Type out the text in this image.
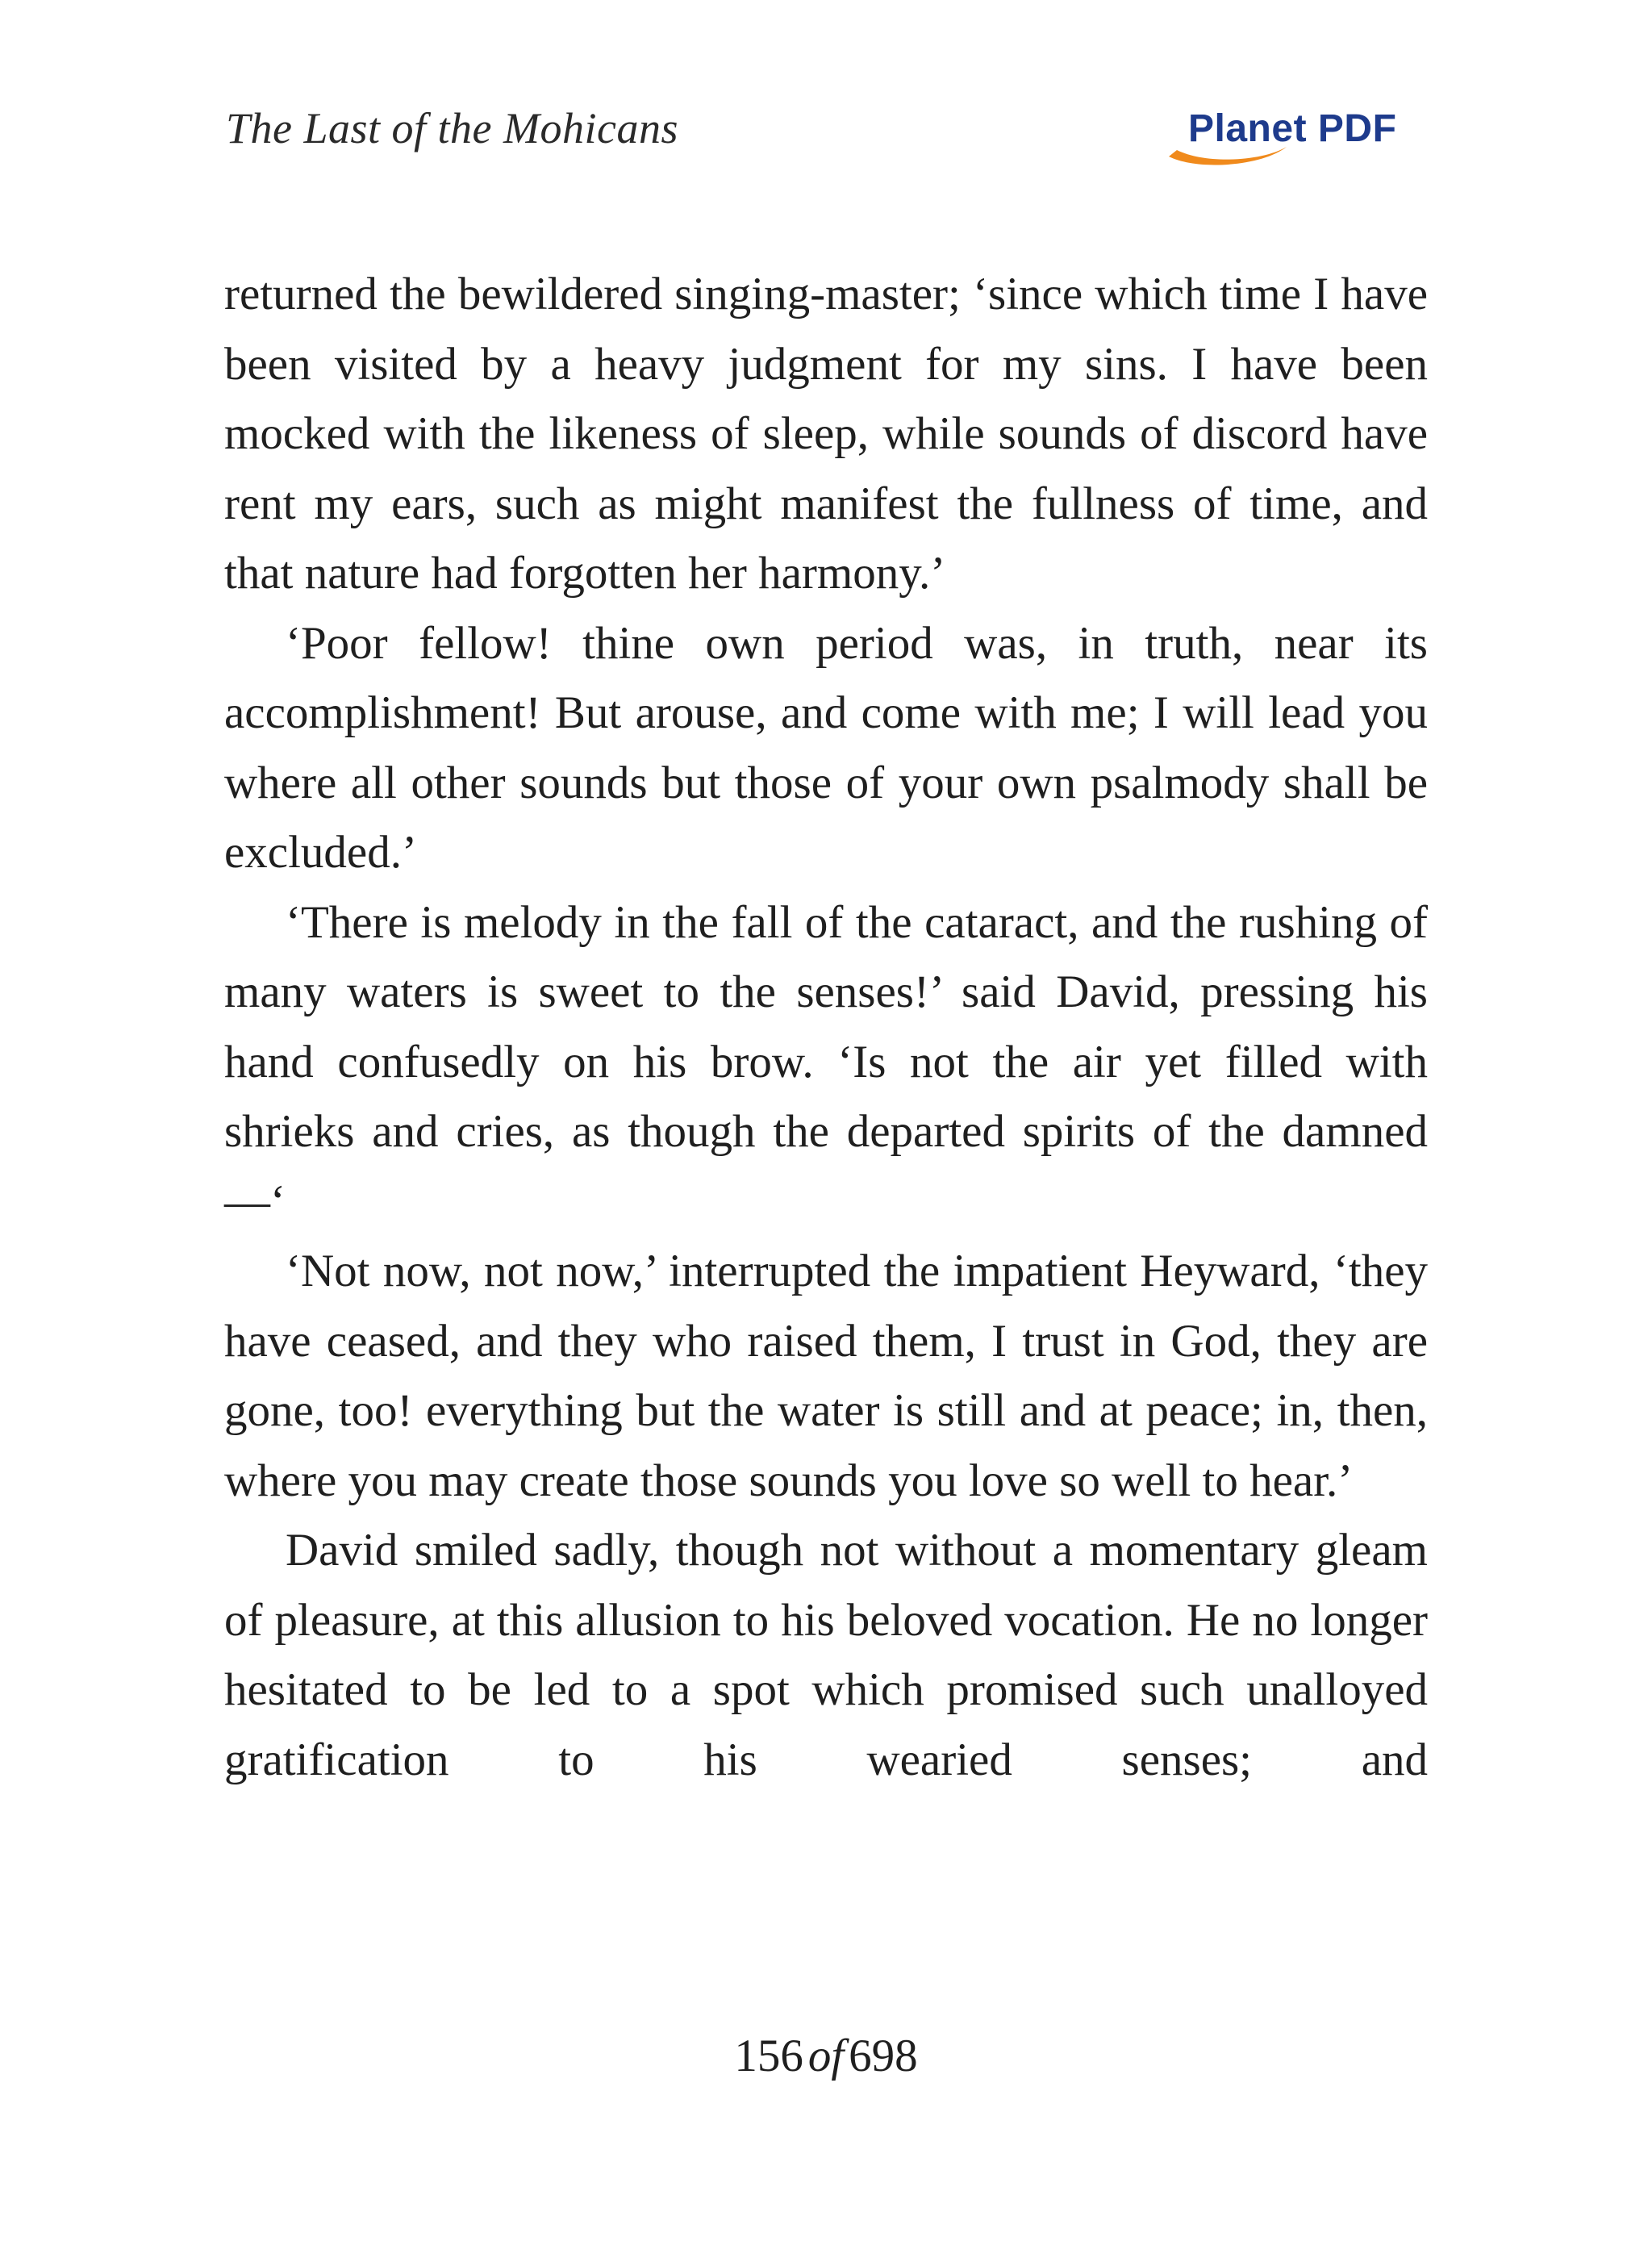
The Last of the Mohicans	Planet PDF

returned the bewildered singing-master; ‘since which time I have been visited by a heavy judgment for my sins. I have been mocked with the likeness of sleep, while sounds of discord have rent my ears, such as might manifest the fullness of time, and that nature had forgotten her harmony.’

‘Poor fellow! thine own period was, in truth, near its accomplishment! But arouse, and come with me; I will lead you where all other sounds but those of your own psalmody shall be excluded.’

‘There is melody in the fall of the cataract, and the rushing of many waters is sweet to the senses!’ said David, pressing his hand confusedly on his brow. ‘Is not the air yet filled with shrieks and cries, as though the departed spirits of the damned—‘

‘Not now, not now,’ interrupted the impatient Heyward, ‘they have ceased, and they who raised them, I trust in God, they are gone, too! everything but the water is still and at peace; in, then, where you may create those sounds you love so well to hear.’

David smiled sadly, though not without a momentary gleam of pleasure, at this allusion to his beloved vocation. He no longer hesitated to be led to a spot which promised such unalloyed gratification to his wearied senses; and

156 of 698
